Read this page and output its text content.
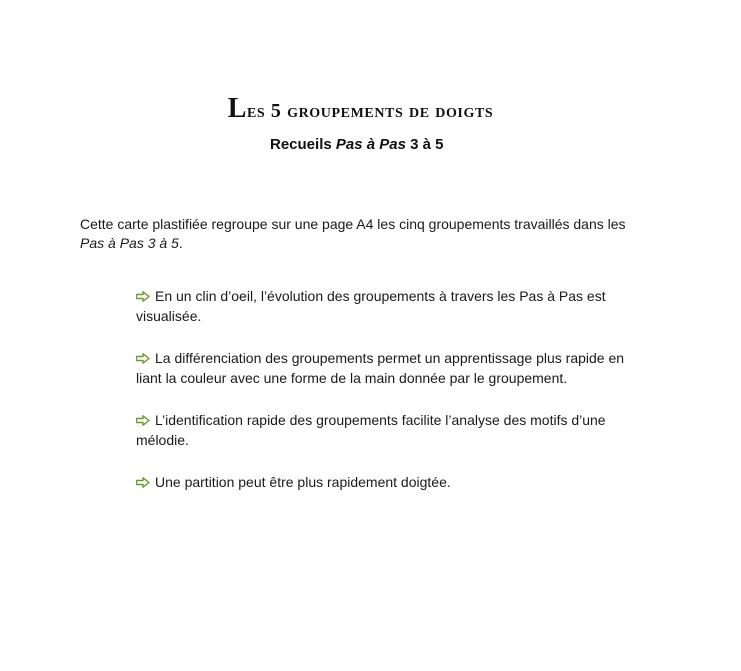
Les 5 groupements de doigts
Recueils Pas à Pas 3 à 5
Cette carte plastifiée regroupe sur une page A4 les cinq groupements travaillés dans les Pas à Pas 3 à 5.
En un clin d’oeil, l’évolution des groupements à travers les Pas à Pas est visualisée.
La différenciation des groupements permet un apprentissage plus rapide en liant la couleur avec une forme de la main donnée par le groupement.
L’identification rapide des groupements facilite l’analyse des motifs d’une mélodie.
Une partition peut être plus rapidement doigtée.
